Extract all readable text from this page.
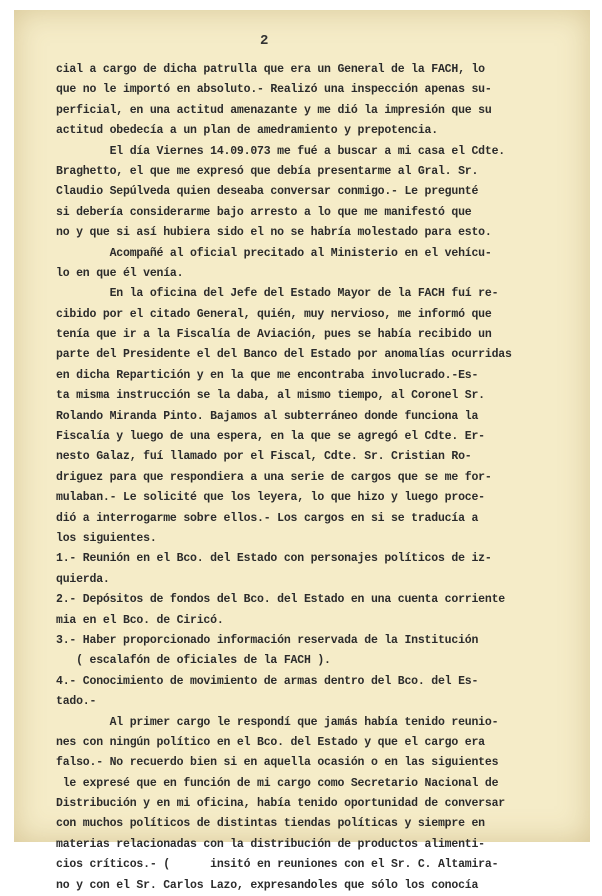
2
cial a cargo de dicha patrulla que era un General de la FACH, lo
que no le importó en absoluto.- Realizó una inspección apenas su-
perficial, en una actitud amenazante y me dió la impresión que su
actitud obedecía a un plan de amedramiento y prepotencia.
El día Viernes 14.09.073 me fué a buscar a mi casa el Cdte.
Braghetto, el que me expresó que debía presentarme al Gral. Sr.
Claudio Sepúlveda quien deseaba conversar conmigo.- Le pregunté
si debería considerarme bajo arresto a lo que me manifestó que
no y que si así hubiera sido el no se habría molestado para esto.
Acompañé al oficial precitado al Ministerio en el vehícu-
lo en que él venía.
En la oficina del Jefe del Estado Mayor de la FACH fuí re-
cibido por el citado General, quién, muy nervioso, me informó que
tenía que ir a la Fiscalía de Aviación, pues se había recibido un
parte del Presidente el del Banco del Estado por anomalías ocurridas
en dicha Repartición y en la que me encontraba involucrado.-Es-
ta misma instrucción se la daba, al mismo tiempo, al Coronel Sr.
Rolando Miranda Pinto. Bajamos al subterráneo donde funciona la
Fiscalía y luego de una espera, en la que se agregó el Cdte. Er-
nesto Galaz, fuí llamado por el Fiscal, Cdte. Sr. Cristian Ro-
driguez para que respondiera a una serie de cargos que se me for-
mulaban.- Le solicité que los leyera, lo que hizo y luego proce-
dió a interrogarme sobre ellos.- Los cargos en si se traducía a
los siguientes.
1.- Reunión en el Bco. del Estado con personajes políticos de iz-
quierda.
2.- Depósitos de fondos del Bco. del Estado en una cuenta corriente
mia en el Bco. de Ciricó.
3.- Haber proporcionado información reservada de la Institución
( escalafón de oficiales de la FACH ).
4.- Conocimiento de movimiento de armas dentro del Bco. del Es-
tado.-
Al primer cargo le respondí que jamás había tenido reunio-
nes con ningún político en el Bco. del Estado y que el cargo era
falso.- No recuerdo bien si en aquella ocasión o en las siguientes
le expresé que en función de mi cargo como Secretario Nacional de
Distribución y en mi oficina, había tenido oportunidad de conversar
con muchos políticos de distintas tiendas políticas y siempre en
materias relacionadas con la distribución de productos alimenti-
cios críticos.- (      insitó en reuniones con el Sr. C. Altamira-
no y con el Sr. Carlos Lazo, expresandoles que sólo los conocía
